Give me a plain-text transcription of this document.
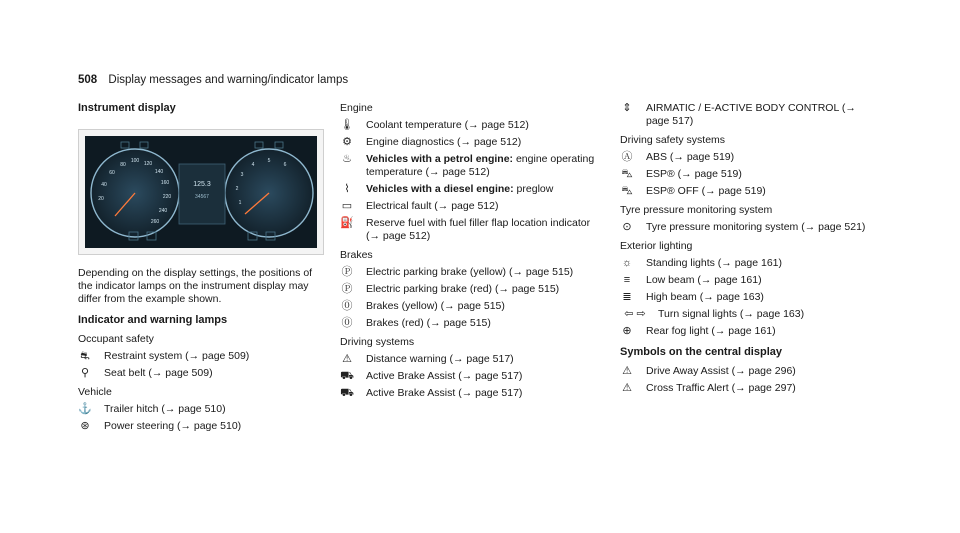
508 Display messages and warning/indicator lamps
Instrument display
125.3
34567
80
100 120
140
160
60
40
220
20
240
260
5
4
3
2
1
6
Depending on the display settings, the positions of the indicator lamps on the instrument display may differ from the example shown.
Indicator and warning lamps
Occupant safety
⛐ Restraint system (→ page 509)
⚲ Seat belt (→ page 509)
Vehicle
⚓ Trailer hitch (→ page 510)
⊛ Power steering (→ page 510)
Engine
🌡 Coolant temperature (→ page 512)
⚙ Engine diagnostics (→ page 512)
♨ Vehicles with a petrol engine: engine operating temperature (→ page 512)
⌇	Vehicles with a diesel engine: preglow
▭ Electrical fault (→ page 512)
⛽ Reserve fuel with fuel filler flap location indicator (→ page 512)
Brakes
Ⓟ Electric parking brake (yellow) (→ page 515)
Ⓟ Electric parking brake (red) (→ page 515)
⓪ Brakes (yellow) (→ page 515)
⓪ Brakes (red) (→ page 515)
Driving systems
⚠ Distance warning (→ page 517)
⛟ Active Brake Assist (→ page 517)
⛟ Active Brake Assist (→ page 517)
⇕ AIRMATIC / E-ACTIVE BODY CONTROL (→ page 517)
Driving safety systems
Ⓐ ABS (→ page 519)
⛍ ESP® (→ page 519)
⛍ ESP® OFF (→ page 519)
Tyre pressure monitoring system
⊙ Tyre pressure monitoring system (→ page 521)
Exterior lighting
☼ Standing lights (→ page 161)
≡	Low beam (→ page 161)
≣ High beam (→ page 163)
⇦ ⇨	Turn signal lights (→ page 163)
⊕ Rear fog light (→ page 161)
Symbols on the central display
⚠ Drive Away Assist (→ page 296)
⚠ Cross Traffic Alert (→ page 297)
